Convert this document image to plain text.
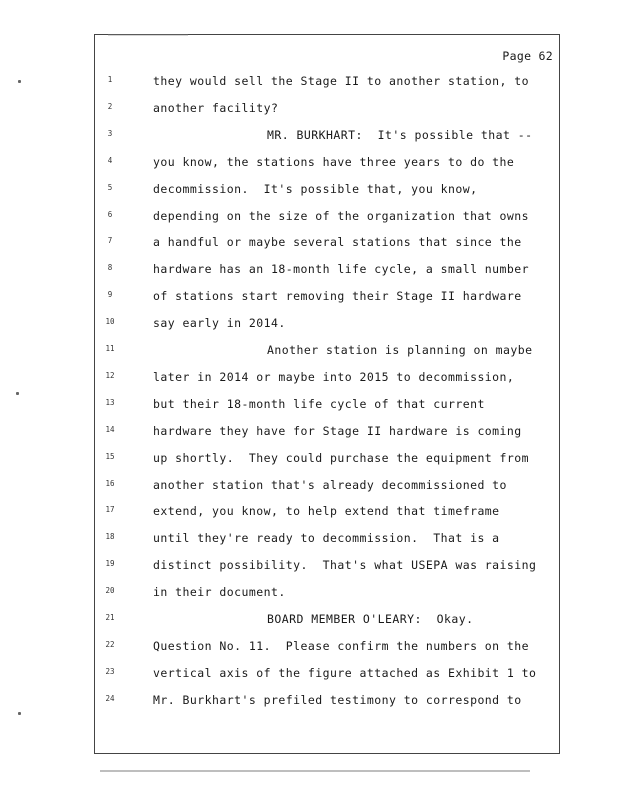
Page 62
1	they would sell the Stage II to another station, to
2	another facility?
3	MR. BURKHART:  It's possible that --
4	you know, the stations have three years to do the
5	decommission.  It's possible that, you know,
6	depending on the size of the organization that owns
7	a handful or maybe several stations that since the
8	hardware has an 18-month life cycle, a small number
9	of stations start removing their Stage II hardware
10	say early in 2014.
11	Another station is planning on maybe
12	later in 2014 or maybe into 2015 to decommission,
13	but their 18-month life cycle of that current
14	hardware they have for Stage II hardware is coming
15	up shortly.  They could purchase the equipment from
16	another station that's already decommissioned to
17	extend, you know, to help extend that timeframe
18	until they're ready to decommission.  That is a
19	distinct possibility.  That's what USEPA was raising
20	in their document.
21	BOARD MEMBER O'LEARY:  Okay.
22	Question No. 11.  Please confirm the numbers on the
23	vertical axis of the figure attached as Exhibit 1 to
24	Mr. Burkhart's prefiled testimony to correspond to
